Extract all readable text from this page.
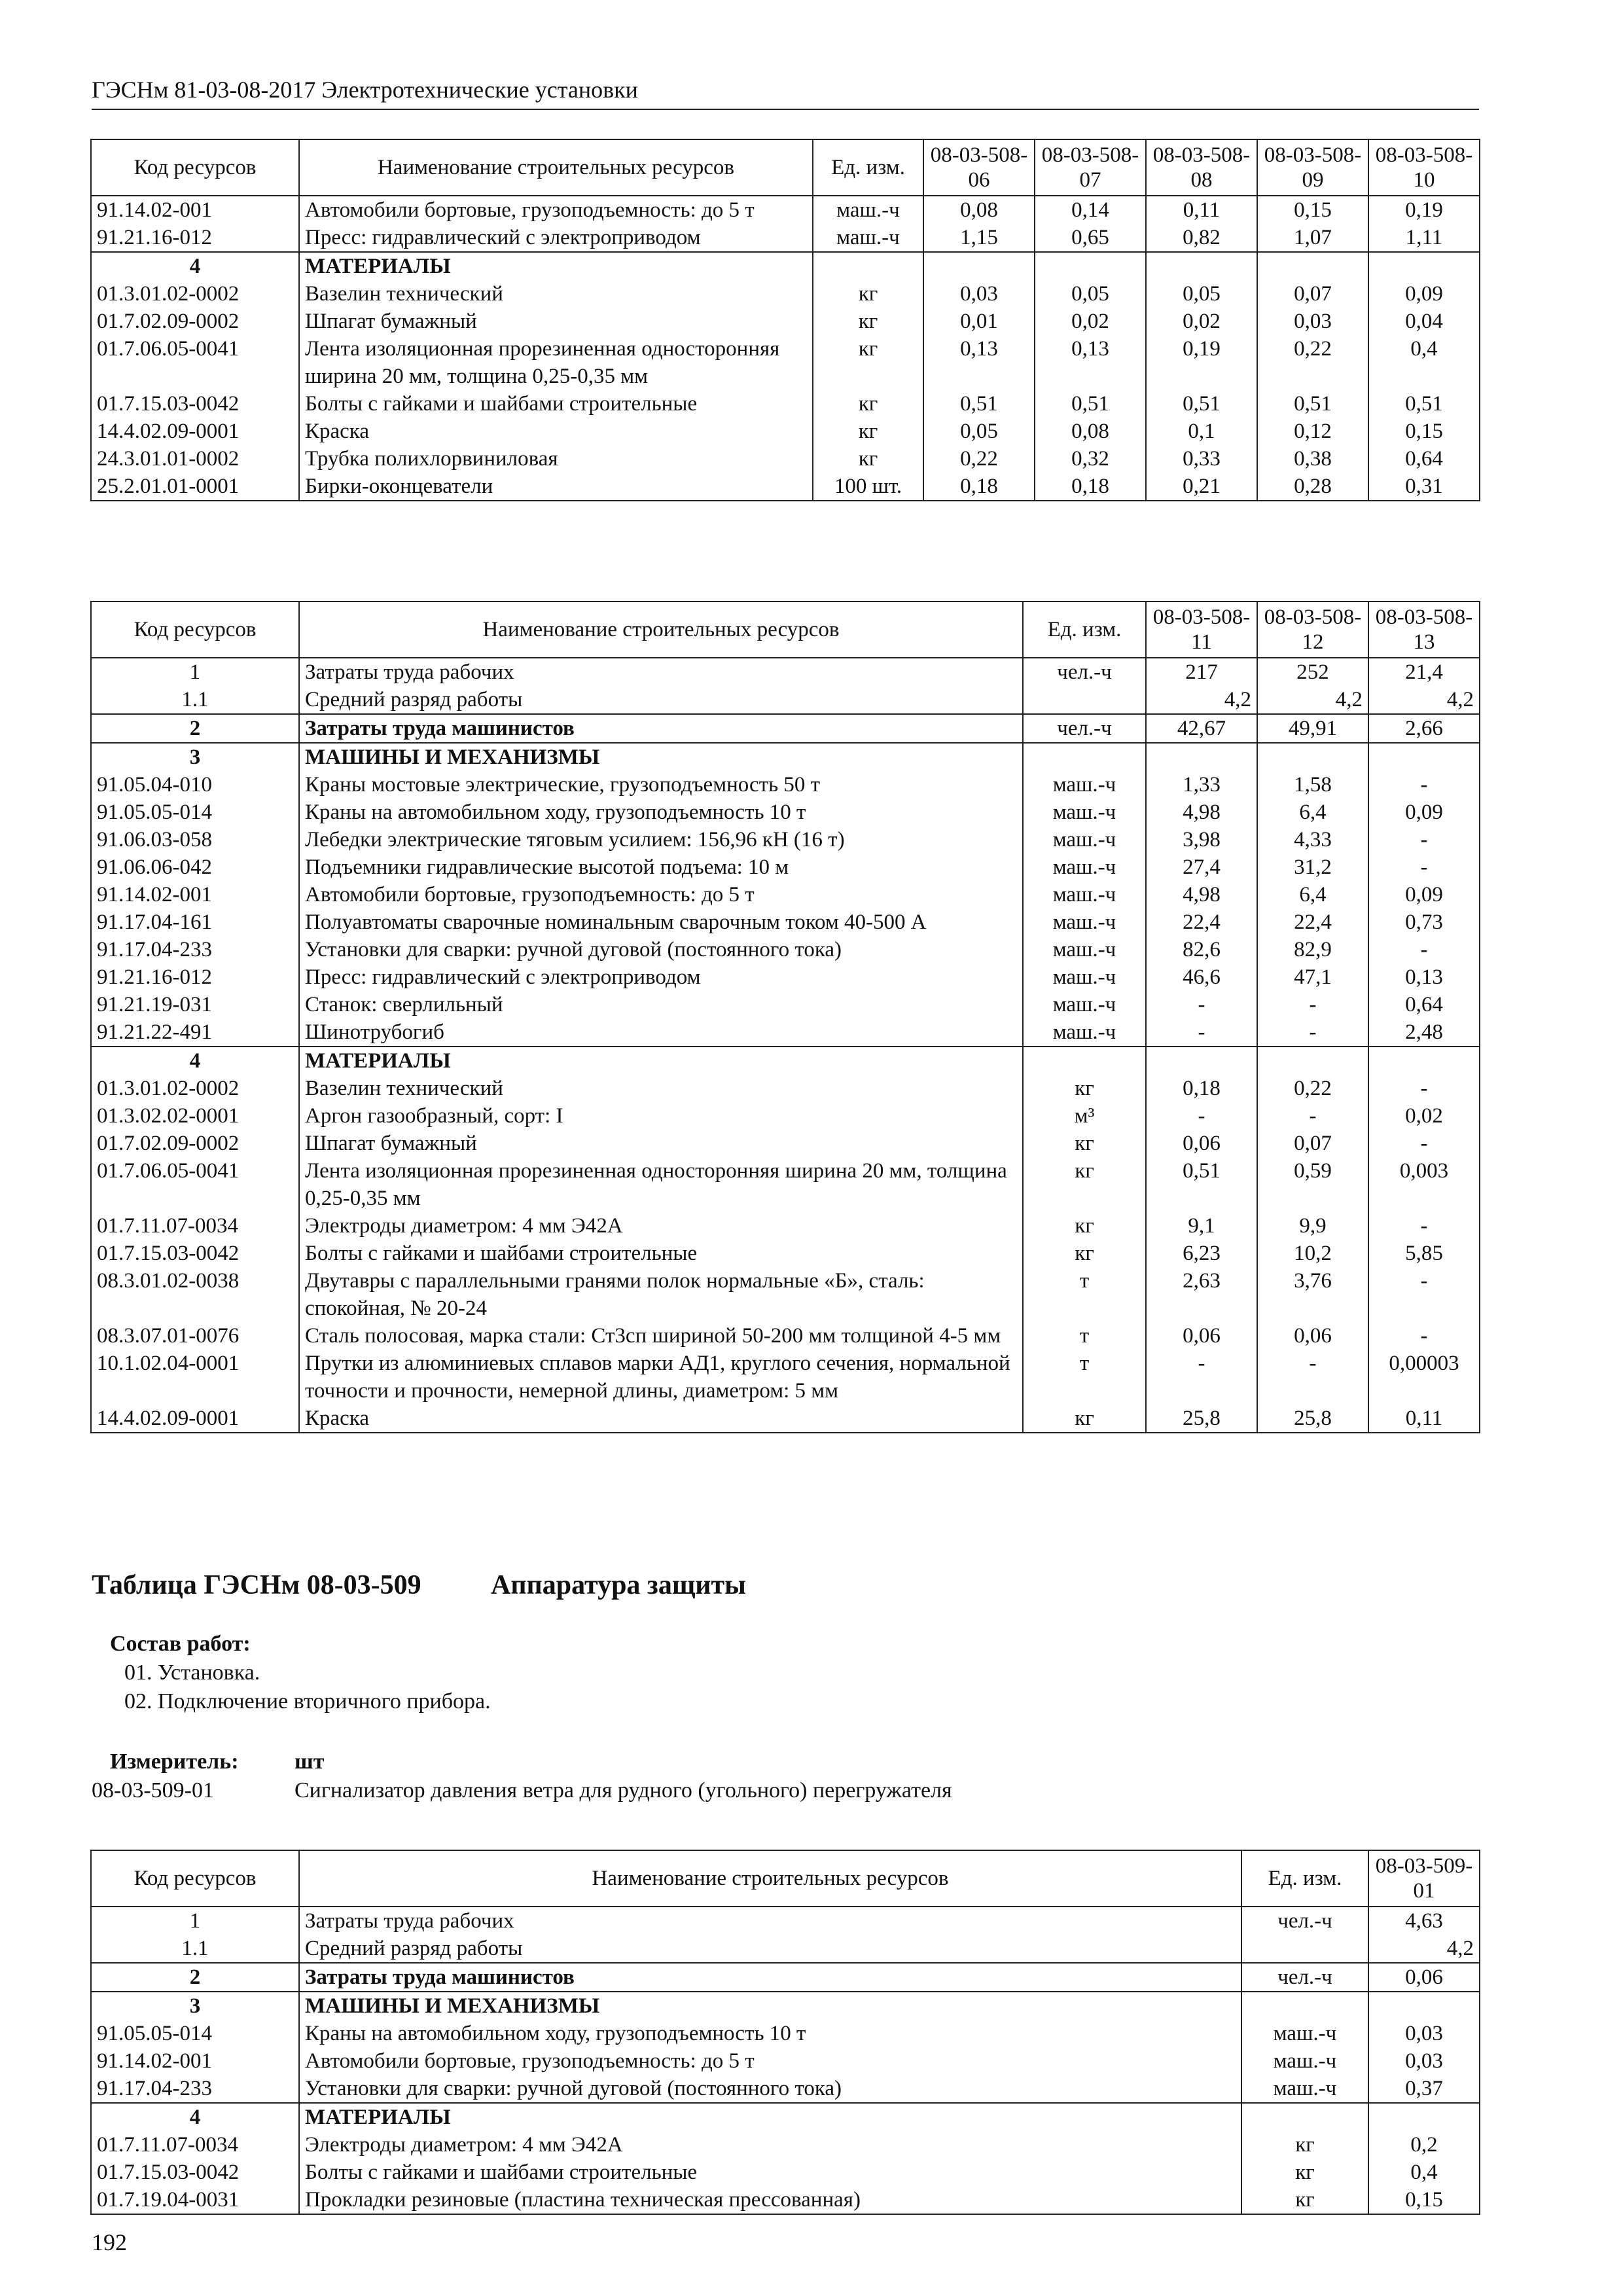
ГЭСНм 81-03-08-2017 Электротехнические установки
Код ресурсов	Наименование строительных ресурсов	Ед. изм.	08-03-508-06	08-03-508-07	08-03-508-08	08-03-508-09	08-03-508-10
91.14.02-001	Автомобили бортовые, грузоподъемность: до 5 т	маш.-ч	0,08	0,14	0,11	0,15	0,19
91.21.16-012	Пресс: гидравлический с электроприводом	маш.-ч	1,15	0,65	0,82	1,07	1,11
4	МАТЕРИАЛЫ						
01.3.01.02-0002	Вазелин технический	кг	0,03	0,05	0,05	0,07	0,09
01.7.02.09-0002	Шпагат бумажный	кг	0,01	0,02	0,02	0,03	0,04
01.7.06.05-0041	Лента изоляционная прорезиненная односторонняя ширина 20 мм, толщина 0,25-0,35 мм	кг	0,13	0,13	0,19	0,22	0,4
01.7.15.03-0042	Болты с гайками и шайбами строительные	кг	0,51	0,51	0,51	0,51	0,51
14.4.02.09-0001	Краска	кг	0,05	0,08	0,1	0,12	0,15
24.3.01.01-0002	Трубка полихлорвиниловая	кг	0,22	0,32	0,33	0,38	0,64
25.2.01.01-0001	Бирки-оконцеватели	100 шт.	0,18	0,18	0,21	0,28	0,31
Код ресурсов	Наименование строительных ресурсов	Ед. изм.	08-03-508-11	08-03-508-12	08-03-508-13
1	Затраты труда рабочих	чел.-ч	217	252	21,4
1.1	Средний разряд работы		4,2	4,2	4,2
2	Затраты труда машинистов	чел.-ч	42,67	49,91	2,66
3	МАШИНЫ И МЕХАНИЗМЫ				
91.05.04-010	Краны мостовые электрические, грузоподъемность 50 т	маш.-ч	1,33	1,58	-
91.05.05-014	Краны на автомобильном ходу, грузоподъемность 10 т	маш.-ч	4,98	6,4	0,09
91.06.03-058	Лебедки электрические тяговым усилием: 156,96 кН (16 т)	маш.-ч	3,98	4,33	-
91.06.06-042	Подъемники гидравлические высотой подъема: 10 м	маш.-ч	27,4	31,2	-
91.14.02-001	Автомобили бортовые, грузоподъемность: до 5 т	маш.-ч	4,98	6,4	0,09
91.17.04-161	Полуавтоматы сварочные номинальным сварочным током 40-500 А	маш.-ч	22,4	22,4	0,73
91.17.04-233	Установки для сварки: ручной дуговой (постоянного тока)	маш.-ч	82,6	82,9	-
91.21.16-012	Пресс: гидравлический с электроприводом	маш.-ч	46,6	47,1	0,13
91.21.19-031	Станок: сверлильный	маш.-ч	-	-	0,64
91.21.22-491	Шинотрубогиб	маш.-ч	-	-	2,48
4	МАТЕРИАЛЫ				
01.3.01.02-0002	Вазелин технический	кг	0,18	0,22	-
01.3.02.02-0001	Аргон газообразный, сорт: I	м³	-	-	0,02
01.7.02.09-0002	Шпагат бумажный	кг	0,06	0,07	-
01.7.06.05-0041	Лента изоляционная прорезиненная односторонняя ширина 20 мм, толщина 0,25-0,35 мм	кг	0,51	0,59	0,003
01.7.11.07-0034	Электроды диаметром: 4 мм Э42А	кг	9,1	9,9	-
01.7.15.03-0042	Болты с гайками и шайбами строительные	кг	6,23	10,2	5,85
08.3.01.02-0038	Двутавры с параллельными гранями полок нормальные «Б», сталь: спокойная, № 20-24	т	2,63	3,76	-
08.3.07.01-0076	Сталь полосовая, марка стали: Ст3сп шириной 50-200 мм толщиной 4-5 мм	т	0,06	0,06	-
10.1.02.04-0001	Прутки из алюминиевых сплавов марки АД1, круглого сечения, нормальной точности и прочности, немерной длины, диаметром: 5 мм	т	-	-	0,00003
14.4.02.09-0001	Краска	кг	25,8	25,8	0,11
Таблица ГЭСНм 08-03-509	Аппаратура защиты
Состав работ:
01. Установка.
02. Подключение вторичного прибора.
Измеритель:	шт
08-03-509-01	Сигнализатор давления ветра для рудного (угольного) перегружателя
Код ресурсов	Наименование строительных ресурсов	Ед. изм.	08-03-509-01
1	Затраты труда рабочих	чел.-ч	4,63
1.1	Средний разряд работы		4,2
2	Затраты труда машинистов	чел.-ч	0,06
3	МАШИНЫ И МЕХАНИЗМЫ		
91.05.05-014	Краны на автомобильном ходу, грузоподъемность 10 т	маш.-ч	0,03
91.14.02-001	Автомобили бортовые, грузоподъемность: до 5 т	маш.-ч	0,03
91.17.04-233	Установки для сварки: ручной дуговой (постоянного тока)	маш.-ч	0,37
4	МАТЕРИАЛЫ		
01.7.11.07-0034	Электроды диаметром: 4 мм Э42А	кг	0,2
01.7.15.03-0042	Болты с гайками и шайбами строительные	кг	0,4
01.7.19.04-0031	Прокладки резиновые (пластина техническая прессованная)	кг	0,15
192
